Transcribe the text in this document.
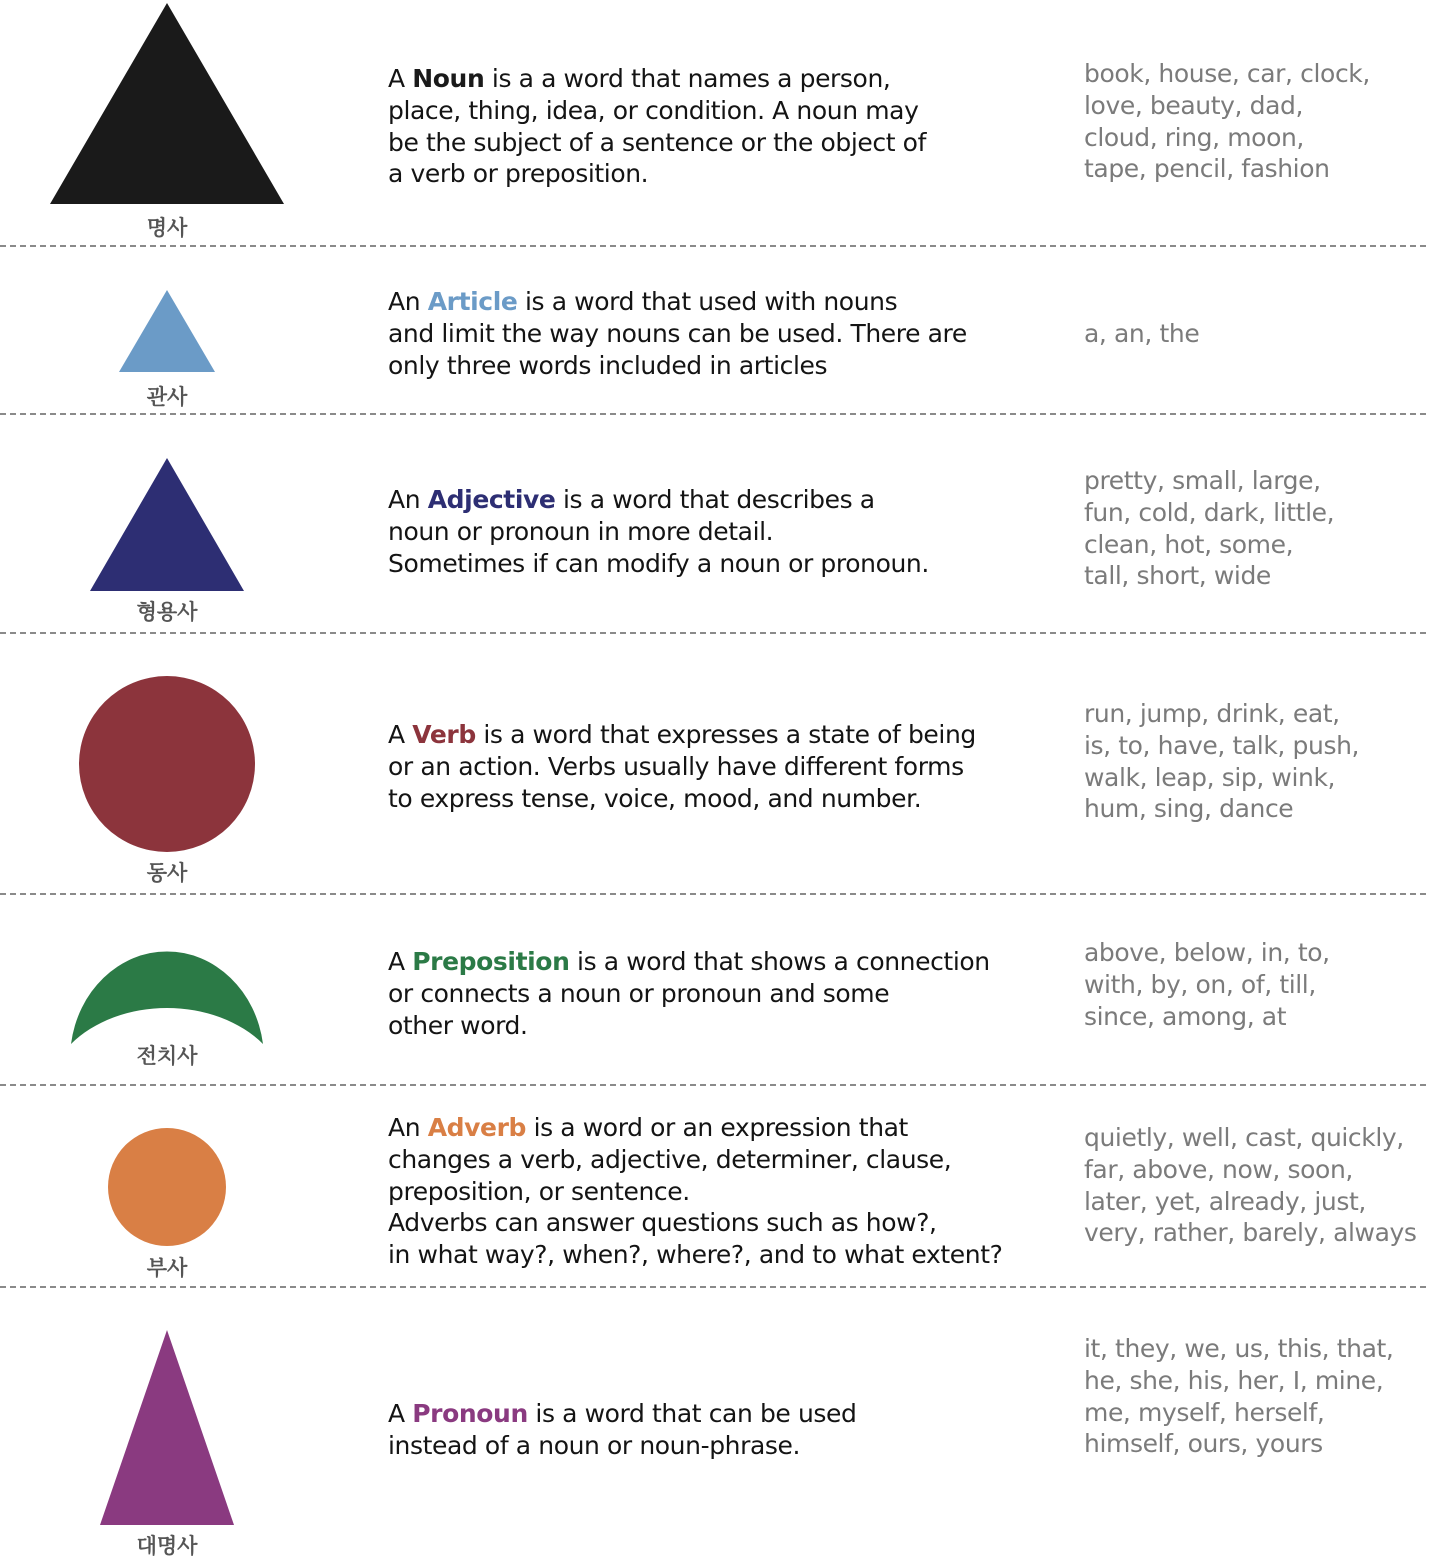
명사
A Noun is a a word that names a person,
place, thing, idea, or condition. A noun may
be the subject of a sentence or the object of
a verb or preposition.
book, house, car, clock,
love, beauty, dad,
cloud, ring, moon,
tape, pencil, fashion
관사
An Article is a word that used with nouns
and limit the way nouns can be used. There are
only three words included in articles
a, an, the
형용사
An Adjective is a word that describes a
noun or pronoun in more detail.
Sometimes if can modify a noun or pronoun.
pretty, small, large,
fun, cold, dark, little,
clean, hot, some,
tall, short, wide
동사
A Verb is a word that expresses a state of being
or an action. Verbs usually have different forms
to express tense, voice, mood, and number.
run, jump, drink, eat,
is, to, have, talk, push,
walk, leap, sip, wink,
hum, sing, dance
전치사
A Preposition is a word that shows a connection
or connects a noun or pronoun and some
other word.
above, below, in, to,
with, by, on, of, till,
since, among, at
부사
An Adverb is a word or an expression that
changes a verb, adjective, determiner, clause,
preposition, or sentence.
Adverbs can answer questions such as how?,
in what way?, when?, where?, and to what extent?
quietly, well, cast, quickly,
far, above, now, soon,
later, yet, already, just,
very, rather, barely, always
대명사
A Pronoun is a word that can be used
instead of a noun or noun-phrase.
it, they, we, us, this, that,
he, she, his, her, I, mine,
me, myself, herself,
himself, ours, yours
